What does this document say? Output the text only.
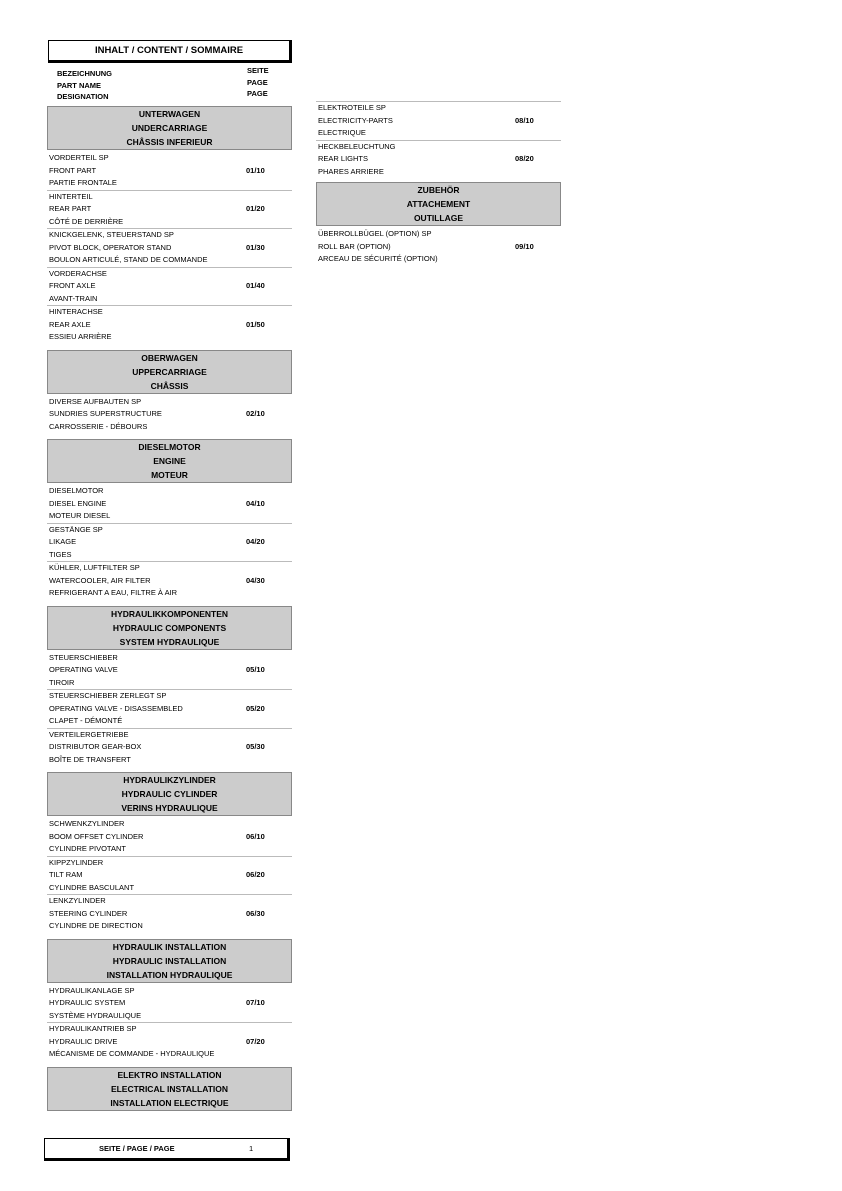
INHALT / CONTENT / SOMMAIRE
BEZEICHNUNG
PART NAME
DESIGNATION
SEITE
PAGE
PAGE
UNTERWAGEN
UNDERCARRIAGE
CHÂSSIS INFERIEUR
VORDERTEIL SP
FRONT PART
PARTIE FRONTALE
01/10
HINTERTEIL
REAR PART
CÔTÉ DE DERRIÈRE
01/20
KNICKGELENK, STEUERSTAND SP
PIVOT BLOCK, OPERATOR STAND
BOULON ARTICULÉ, STAND DE COMMANDE
01/30
VORDERACHSE
FRONT AXLE
AVANT-TRAIN
01/40
HINTERACHSE
REAR AXLE
ESSIEU ARRIÈRE
01/50
OBERWAGEN
UPPERCARRIAGE
CHÂSSIS
DIVERSE AUFBAUTEN SP
SUNDRIES SUPERSTRUCTURE
CARROSSERIE - DÉBOURS
02/10
DIESELMOTOR
ENGINE
MOTEUR
DIESELMOTOR
DIESEL ENGINE
MOTEUR DIESEL
04/10
GESTÄNGE SP
LIKAGE
TIGES
04/20
KÜHLER, LUFTFILTER SP
WATERCOOLER, AIR FILTER
REFRIGERANT A EAU, FILTRE À AIR
04/30
HYDRAULIKKOMPONENTEN
HYDRAULIC COMPONENTS
SYSTEM HYDRAULIQUE
STEUERSCHIEBER
OPERATING VALVE
TIROIR
05/10
STEUERSCHIEBER ZERLEGT SP
OPERATING VALVE - DISASSEMBLED
CLAPET - DÉMONTÉ
05/20
VERTEILERGETRIEBE
DISTRIBUTOR GEAR-BOX
BOÎTE DE TRANSFERT
05/30
HYDRAULIKZYLINDER
HYDRAULIC CYLINDER
VERINS HYDRAULIQUE
SCHWENKZYLINDER
BOOM OFFSET CYLINDER
CYLINDRE PIVOTANT
06/10
KIPPZYLINDER
TILT RAM
CYLINDRE BASCULANT
06/20
LENKZYLINDER
STEERING CYLINDER
CYLINDRE DE DIRECTION
06/30
HYDRAULIK INSTALLATION
HYDRAULIC INSTALLATION
INSTALLATION HYDRAULIQUE
HYDRAULIKANLAGE SP
HYDRAULIC SYSTEM
SYSTÈME HYDRAULIQUE
07/10
HYDRAULIKANTRIEB SP
HYDRAULIC DRIVE
MÉCANISME DE COMMANDE - HYDRAULIQUE
07/20
ELEKTRO INSTALLATION
ELECTRICAL INSTALLATION
INSTALLATION ELECTRIQUE
ELEKTROTEILE SP
ELECTRICITY-PARTS
ELECTRIQUE
08/10
HECKBELEUCHTUNG
REAR LIGHTS
PHARES ARRIERE
08/20
ZUBEHÖR
ATTACHEMENT
OUTILLAGE
ÜBERROLLBÜGEL (OPTION) SP
ROLL BAR (OPTION)
ARCEAU DE SÉCURITÉ (OPTION)
09/10
SEITE / PAGE / PAGE	1
